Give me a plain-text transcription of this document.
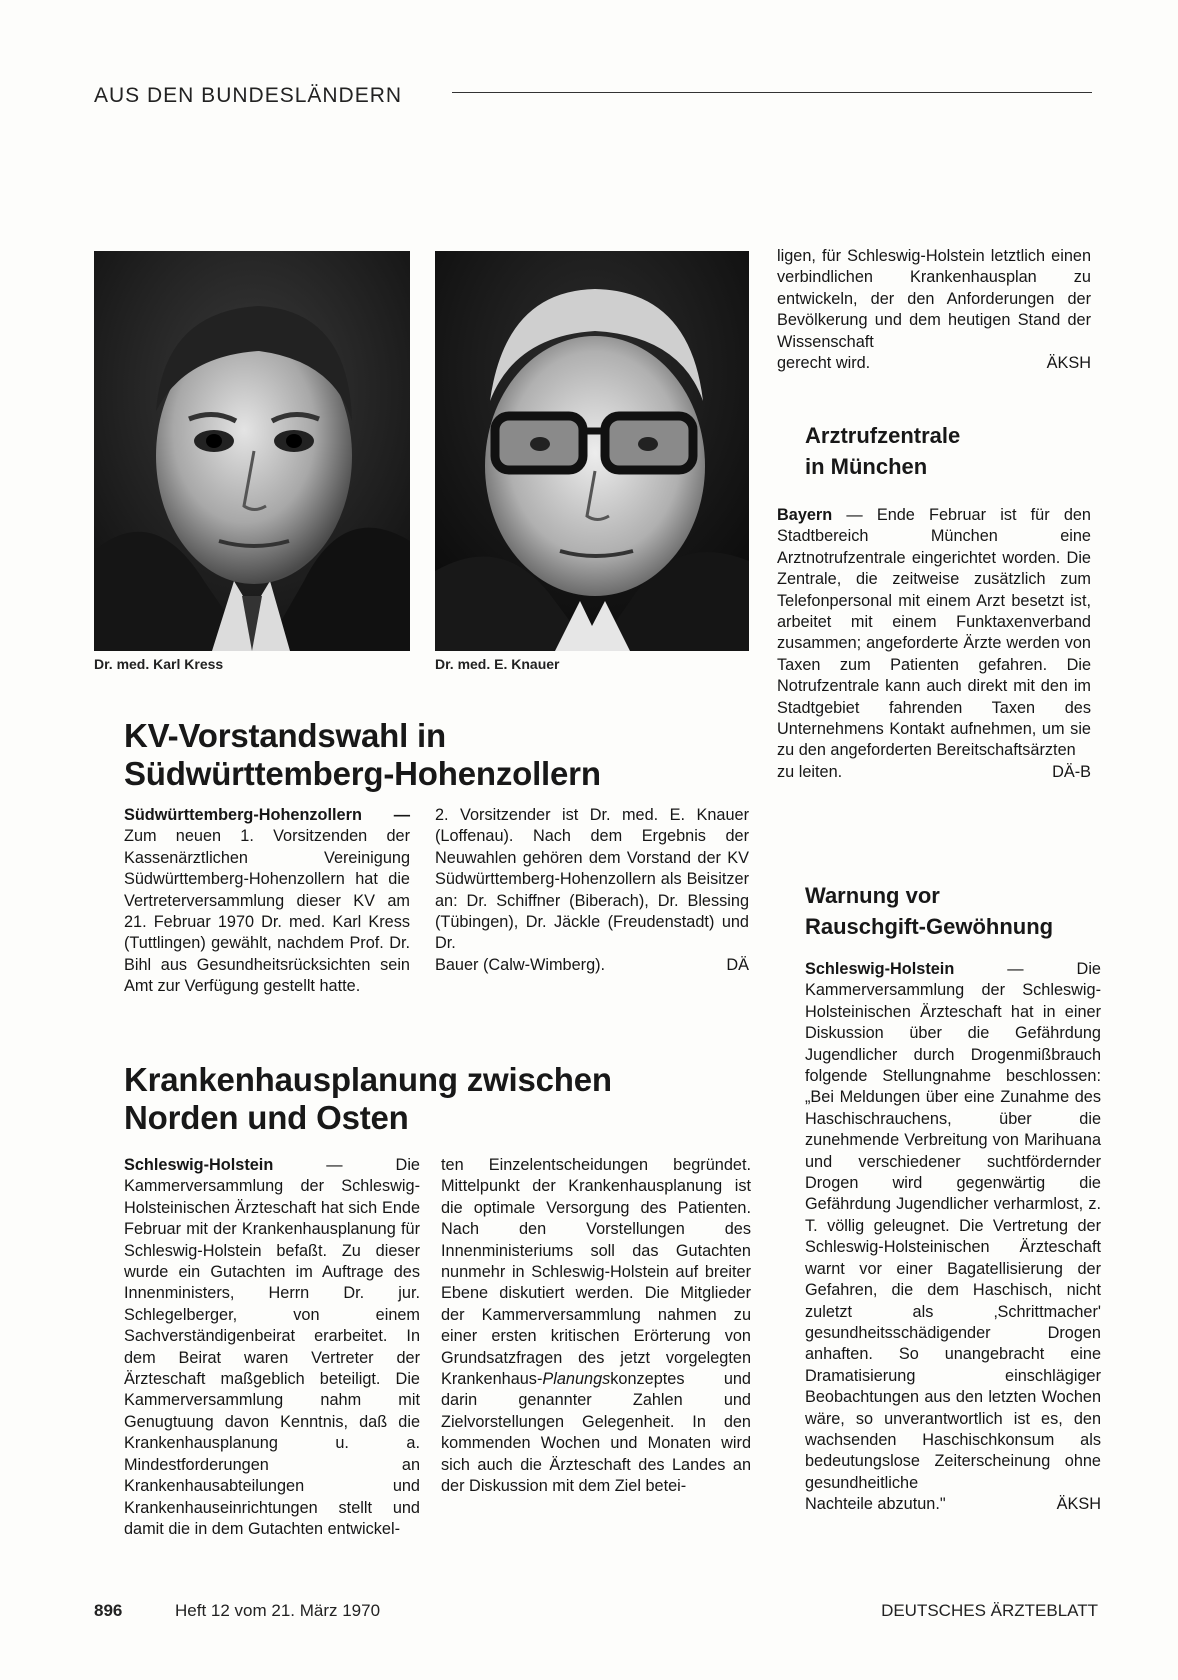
AUS DEN BUNDESLÄNDERN
Dr. med. Karl Kress	Dr. med. E. Knauer
KV-Vorstandswahl in
Südwürttemberg-Hohenzollern
Südwürttemberg-Hohenzollern — Zum neuen 1. Vorsitzenden der Kassenärztlichen Vereinigung Südwürttemberg-Hohenzollern hat die Vertreterversammlung dieser KV am 21. Februar 1970 Dr. med. Karl Kress (Tuttlingen) gewählt, nachdem Prof. Dr. Bihl aus Gesundheitsrücksichten sein Amt zur Verfügung gestellt hatte.
2. Vorsitzender ist Dr. med. E. Knauer (Loffenau). Nach dem Ergebnis der Neuwahlen gehören dem Vorstand der KV Südwürttemberg-Hohenzollern als Beisitzer an: Dr. Schiffner (Biberach), Dr. Blessing (Tübingen), Dr. Jäckle (Freudenstadt) und Dr.
Bauer (Calw-Wimberg).	DÄ
Krankenhausplanung zwischen
Norden und Osten
Schleswig-Holstein	— Die Kammerversammlung der Schleswig-Holsteinischen Ärzteschaft hat sich Ende Februar mit der Krankenhausplanung für Schleswig-Holstein befaßt. Zu dieser wurde ein Gutachten im Auftrage des Innenministers, Herrn Dr. jur. Schlegelberger, von einem Sachverständigenbeirat erarbeitet. In dem Beirat waren Vertreter der Ärzteschaft maßgeblich beteiligt. Die Kammerversammlung nahm mit Genugtuung davon Kenntnis, daß die Krankenhausplanung u. a. Mindestforderungen an Krankenhausabteilungen und Krankenhauseinrichtungen stellt und damit die in dem Gutachten entwickel-
ten Einzelentscheidungen begründet. Mittelpunkt der Krankenhausplanung ist die optimale Versorgung des Patienten. Nach den Vorstellungen des Innenministeriums soll das Gutachten nunmehr in Schleswig-Holstein auf breiter Ebene diskutiert werden. Die Mitglieder der Kammerversammlung nahmen zu einer ersten kritischen Erörterung von Grundsatzfragen des jetzt vorgelegten Krankenhaus-Planungskonzeptes und darin genannter Zahlen und Zielvorstellungen Gelegenheit. In den kommenden Wochen und Monaten wird sich auch die Ärzteschaft des Landes an der Diskussion mit dem Ziel betei-
ligen, für Schleswig-Holstein letztlich einen verbindlichen Krankenhausplan zu entwickeln, der den Anforderungen der Bevölkerung und dem heutigen Stand der Wissenschaft
gerecht wird.	ÄKSH
Arztrufzentrale
in München
Bayern — Ende Februar ist für den Stadtbereich München eine Arztnotrufzentrale eingerichtet worden. Die Zentrale, die zeitweise zusätzlich zum Telefonpersonal mit einem Arzt besetzt ist, arbeitet mit einem Funktaxenverband zusammen; angeforderte Ärzte werden von Taxen zum Patienten gefahren. Die Notrufzentrale kann auch direkt mit den im Stadtgebiet fahrenden Taxen des Unternehmens Kontakt aufnehmen, um sie zu den angeforderten Bereitschaftsärzten
zu leiten.	DÄ-B
Warnung vor
Rauschgift-Gewöhnung
Schleswig-Holstein	— Die Kammerversammlung der Schleswig-Holsteinischen Ärzteschaft hat in einer Diskussion über die Gefährdung Jugendlicher durch Drogenmißbrauch folgende Stellungnahme beschlossen: „Bei Meldungen über eine Zunahme des Haschischrauchens, über die zunehmende Verbreitung von Marihuana und verschiedener suchtfördernder Drogen wird gegenwärtig die Gefährdung Jugendlicher verharmlost, z. T. völlig geleugnet. Die Vertretung der Schleswig-Holsteinischen Ärzteschaft warnt vor einer Bagatellisierung der Gefahren, die dem Haschisch, nicht zuletzt als ‚Schrittmacher' gesundheitsschädigender Drogen anhaften. So unangebracht eine Dramatisierung einschlägiger Beobachtungen aus den letzten Wochen wäre, so unverantwortlich ist es, den wachsenden Haschischkonsum als bedeutungslose Zeiterscheinung ohne gesundheitliche
Nachteile abzutun."	ÄKSH
896	Heft 12 vom 21. März 1970	DEUTSCHES ÄRZTEBLATT
